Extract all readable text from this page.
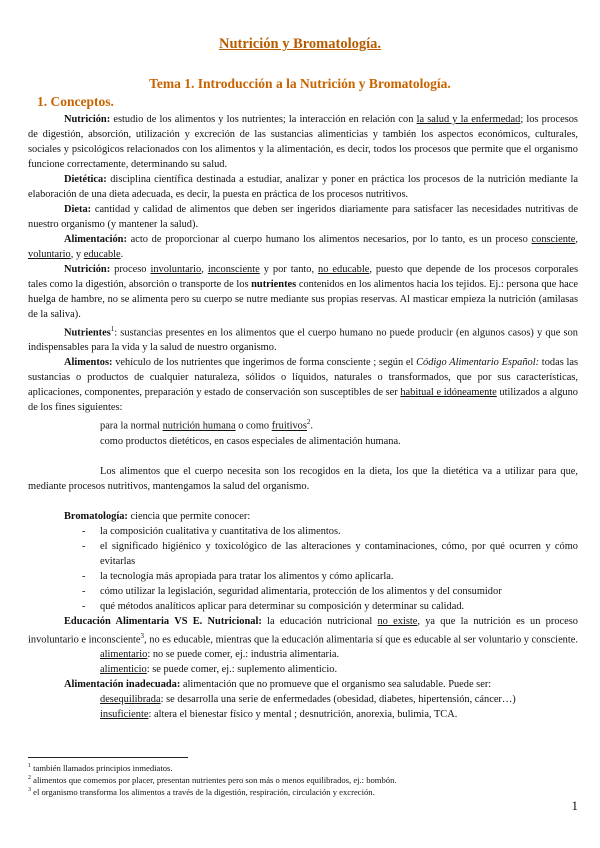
Nutrición y Bromatología.
Tema 1. Introducción a la Nutrición y Bromatología.
1. Conceptos.

Nutrición: estudio de los alimentos y los nutrientes; la interacción en relación con la salud y la enfermedad; los procesos de digestión, absorción, utilización y excreción de las sustancias alimenticias y también los aspectos económicos, culturales, sociales y psicológicos relacionados con los alimentos y la alimentación, es decir, todos los procesos que permite que el organismo funcione correctamente, determinando su salud.

Dietética: disciplina científica destinada a estudiar, analizar y poner en práctica los procesos de la nutrición mediante la elaboración de una dieta adecuada, es decir, la puesta en práctica de los procesos nutritivos.

Dieta: cantidad y calidad de alimentos que deben ser ingeridos diariamente para satisfacer las necesidades nutritivas de nuestro organismo (y mantener la salud).

Alimentación: acto de proporcionar al cuerpo humano los alimentos necesarios, por lo tanto, es un proceso consciente, voluntario, y educable.

Nutrición: proceso involuntario, inconsciente y por tanto, no educable, puesto que depende de los procesos corporales tales como la digestión, absorción o transporte de los nutrientes contenidos en los alimentos hacia los tejidos. Ej.: persona que hace huelga de hambre, no se alimenta pero su cuerpo se nutre mediante sus propias reservas. Al masticar empieza la nutrición (amilasas de la saliva).

Nutrientes$^1$: sustancias presentes en los alimentos que el cuerpo humano no puede producir (en algunos casos) y que son indispensables para la vida y la salud de nuestro organismo.

Alimentos: vehículo de los nutrientes que ingerimos de forma consciente ; según el Código Alimentario Español: todas las sustancias o productos de cualquier naturaleza, sólidos o líquidos, naturales o transformados, que por sus características, aplicaciones, componentes, preparación y estado de conservación son susceptibles de ser habitual e idóneamente utilizados a alguno de los fines siguientes:

para la normal nutrición humana o como fruitivos$^2$.

como productos dietéticos, en casos especiales de alimentación humana.

Los alimentos que el cuerpo necesita son los recogidos en la dieta, los que la dietética va a utilizar para que, mediante procesos nutritivos, mantengamos la salud del organismo.

Bromatología: ciencia que permite conocer:

- la composición cualitativa y cuantitativa de los alimentos.

- el significado higiénico y toxicológico de las alteraciones y contaminaciones, cómo, por qué ocurren y cómo evitarlas

- la tecnología más apropiada para tratar los alimentos y cómo aplicarla.

- cómo utilizar la legislación, seguridad alimentaria, protección de los alimentos y del consumidor

- qué métodos analíticos aplicar para determinar su composición y determinar su calidad.

Educación Alimentaria VS E. Nutricional: la educación nutricional no existe, ya que la nutrición es un proceso involuntario e inconsciente$^3$, no es educable, mientras que la educación alimentaria sí que es educable al ser voluntario y consciente.

alimentario: no se puede comer, ej.: industria alimentaria.

alimenticio: se puede comer, ej.: suplemento alimenticio.

Alimentación inadecuada: alimentación que no promueve que el organismo sea saludable. Puede ser:

desequilibrada: se desarrolla una serie de enfermedades (obesidad, diabetes, hipertensión, cáncer…)

insuficiente: altera el bienestar físico y mental ; desnutrición, anorexia, bulimia, TCA.

$^1$ también llamados principios inmediatos.
$^2$ alimentos que comemos por placer, presentan nutrientes pero son más o menos equilibrados, ej.: bombón.
$^3$ el organismo transforma los alimentos a través de la digestión, respiración, circulación y excreción.
1
